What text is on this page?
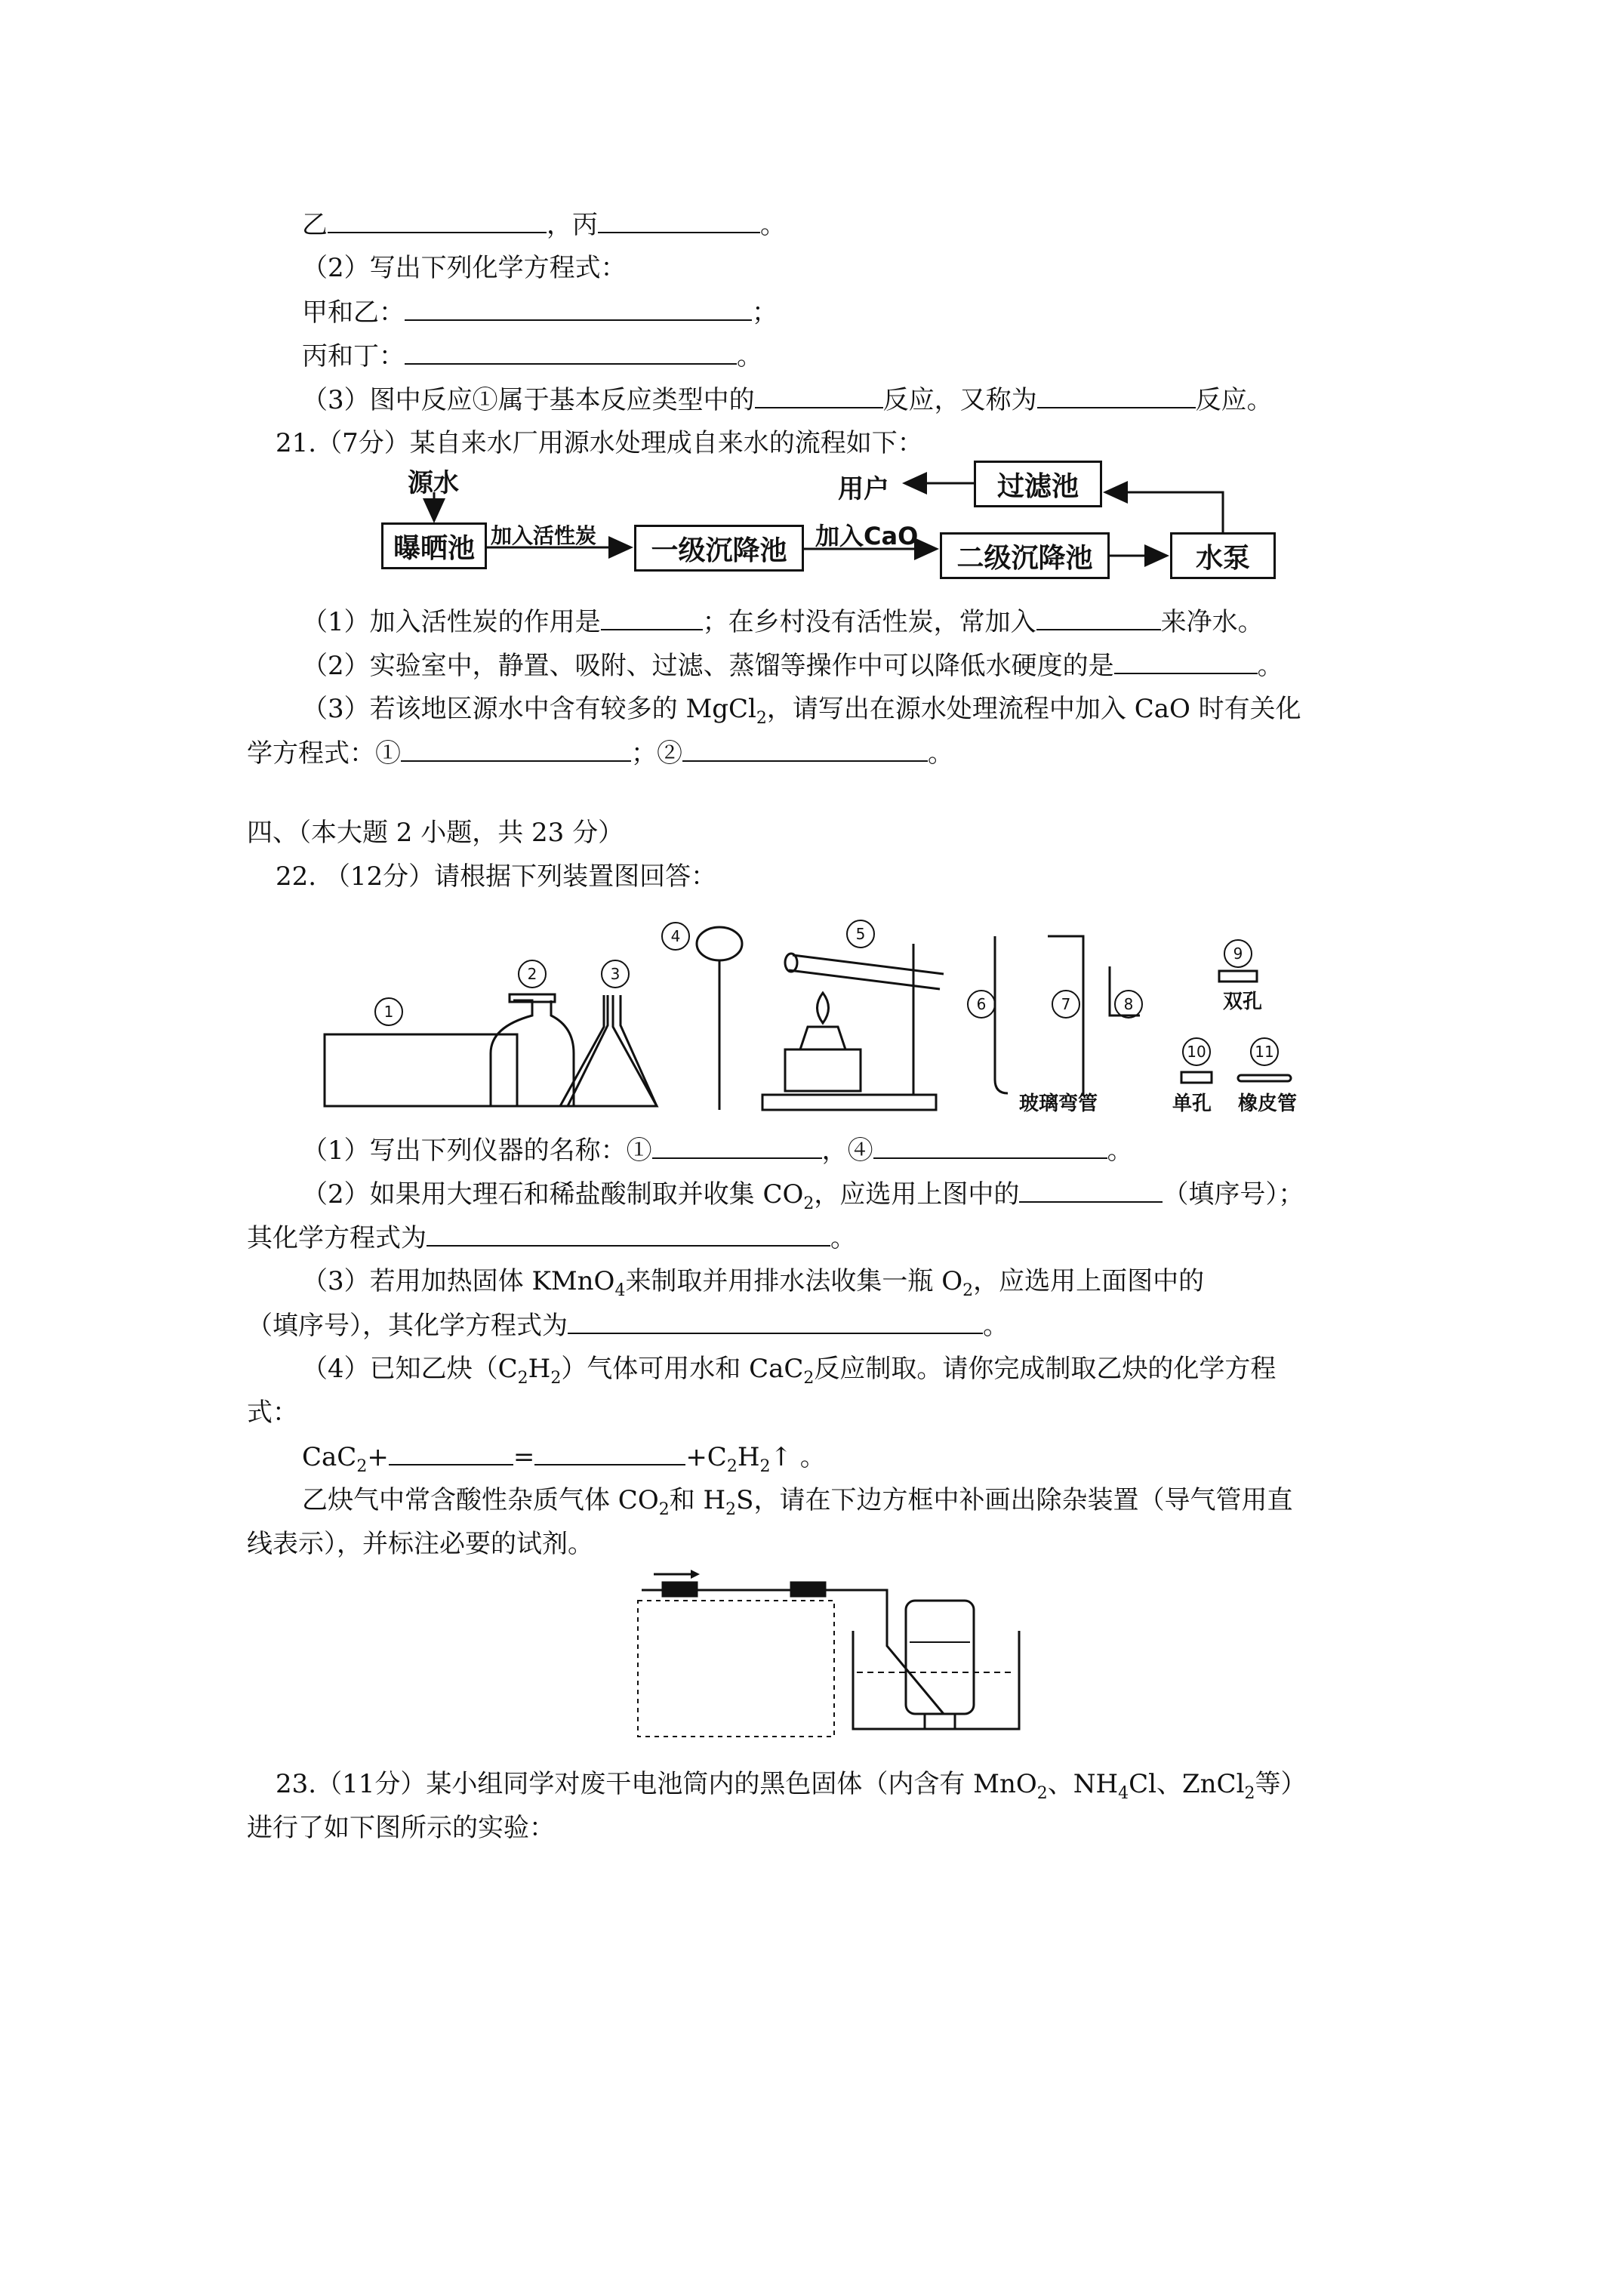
乙	，丙	。
（2）写出下列化学方程式：
甲和乙：	；
丙和丁：	。
（3）图中反应①属于基本反应类型中的	反应，又称为	反应。
21.（7分）某自来水厂用源水处理成自来水的流程如下：
源水	用户	过滤池
曝晒池 加入活性炭	一级沉降池	加入CaO
二级沉降池	水泵
（1）加入活性炭的作用是	；在乡村没有活性炭，常加入	来净水。
（2）实验室中，静置、吸附、过滤、蒸馏等操作中可以降低水硬度的是	。
（3）若该地区源水中含有较多的 MgCl$_2$，请写出在源水处理流程中加入 CaO 时有关化
学方程式：①	；②	。
四、（本大题 2 小题，共 23 分）
22. （12分）请根据下列装置图回答：
1
2	3
4	5
6	7	8
9
10	11
玻璃弯管
双孔
单孔 橡皮管
（1）写出下列仪器的名称：①	，④	。
（2）如果用大理石和稀盐酸制取并收集 $CO_2$，应选用上图中的	（填序号）；
其化学方程式为	。
（3）若用加热固体 KMnO$_4$来制取并用排水法收集一瓶 $O_2$，应选用上面图中的
（填序号），其化学方程式为	。
（4）已知乙炔$(C_2H_2)$气体可用水和 CaC$_2$反应制取。请你完成制取乙炔的化学方程
式：
CaC$_2$+	=	$+C_2H_2↑$ 。
乙炔气中常含酸性杂质气体 $CO_2$和 $H_2S$，请在下边方框中补画出除杂装置（导气管用直
线表示），并标注必要的试剂。
23.（11分）某小组同学对废干电池筒内的黑色固体（内含有 MnO$_2$、$NH_4Cl$、ZnCl$_2$等）
进行了如下图所示的实验：
